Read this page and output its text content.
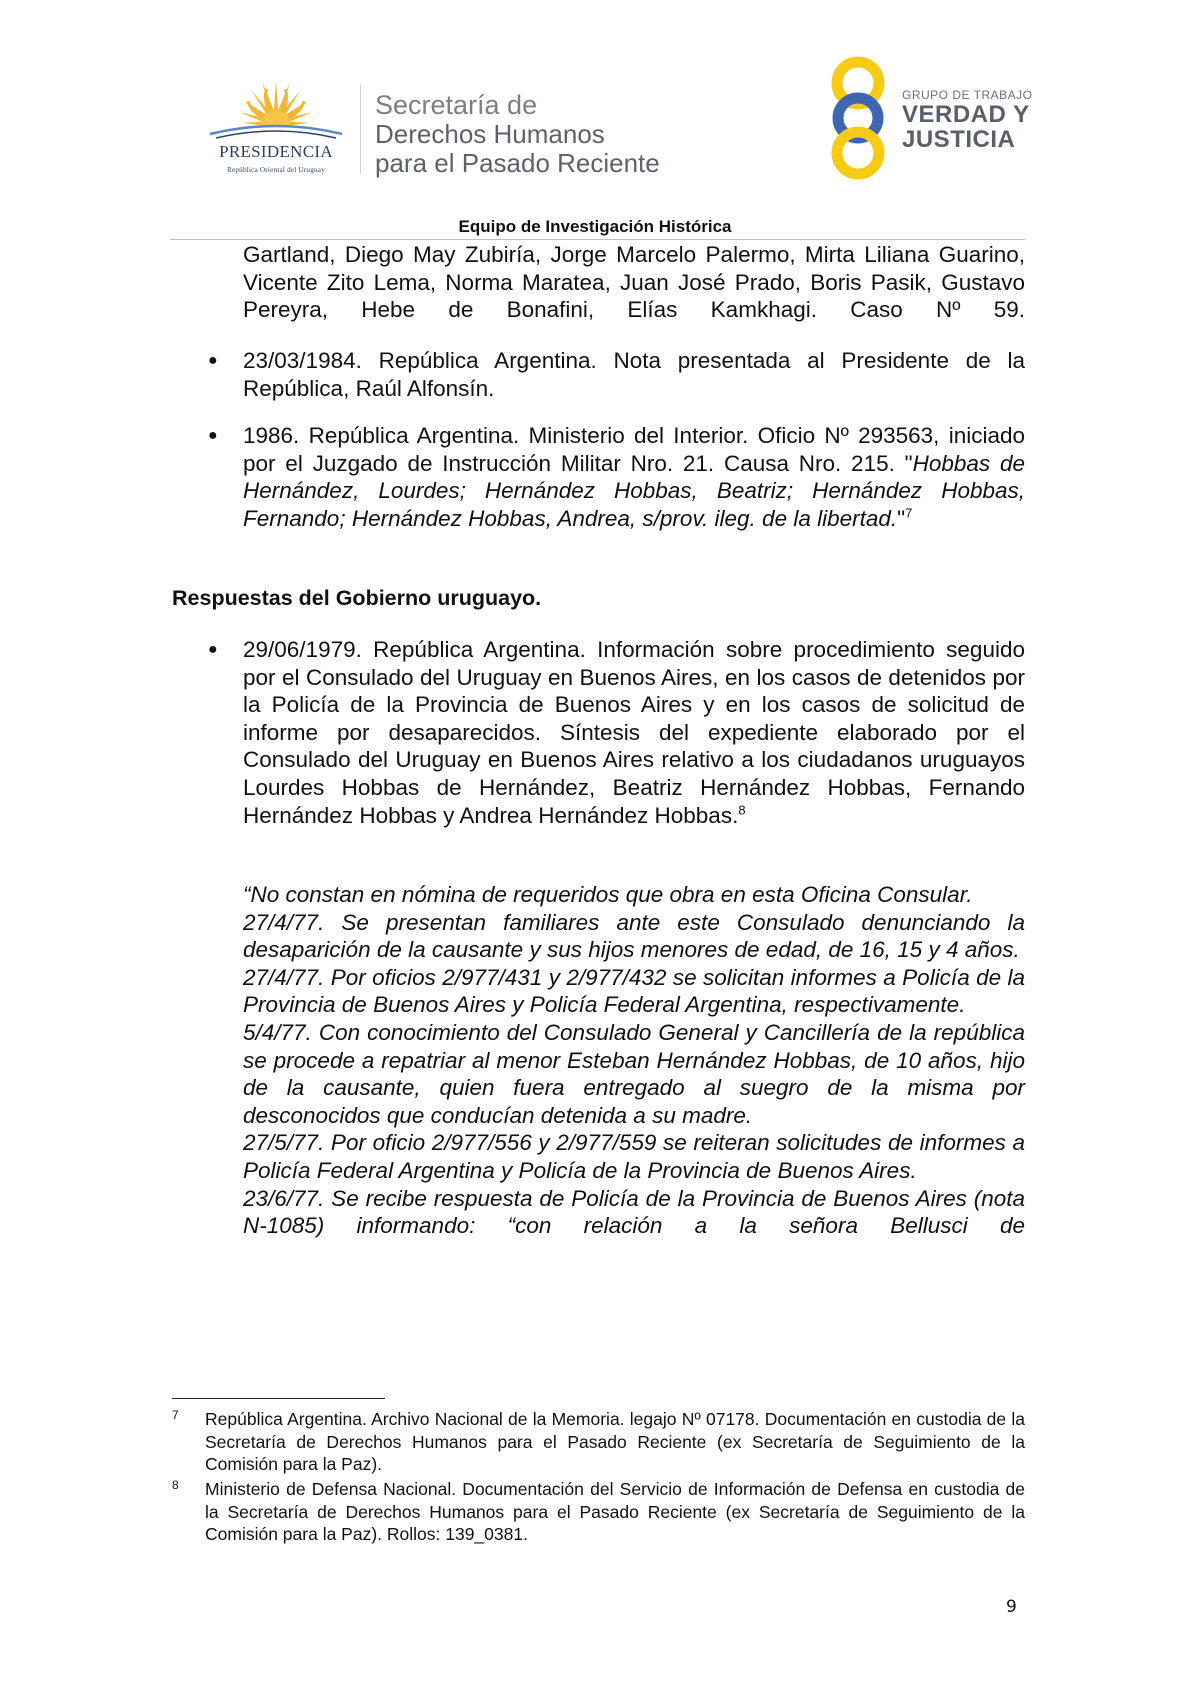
PRESIDENCIA
República Oriental del Uruguay
Secretaría de
Derechos Humanos
para el Pasado Reciente
GRUPO DE TRABAJO
VERDAD Y
JUSTICIA
Equipo de Investigación Histórica
Gartland, Diego May Zubiría, Jorge Marcelo Palermo, Mirta Liliana Guarino, Vicente Zito Lema, Norma Maratea, Juan José Prado, Boris Pasik, Gustavo Pereyra, Hebe de Bonafini, Elías Kamkhagi. Caso Nº 59.
● 23/03/1984. República Argentina. Nota presentada al Presidente de la República, Raúl Alfonsín.
● 1986. República Argentina. Ministerio del Interior. Oficio Nº 293563, iniciado por el Juzgado de Instrucción Militar Nro. 21. Causa Nro. 215. "Hobbas de Hernández, Lourdes; Hernández Hobbas, Beatriz; Hernández Hobbas, Fernando; Hernández Hobbas, Andrea, s/prov. ileg. de la libertad."$^7$
Respuestas del Gobierno uruguayo.
● 29/06/1979. República Argentina. Información sobre procedimiento seguido por el Consulado del Uruguay en Buenos Aires, en los casos de detenidos por la Policía de la Provincia de Buenos Aires y en los casos de solicitud de informe por desaparecidos. Síntesis del expediente elaborado por el Consulado del Uruguay en Buenos Aires relativo a los ciudadanos uruguayos Lourdes Hobbas de Hernández, Beatriz Hernández Hobbas, Fernando Hernández Hobbas y Andrea Hernández Hobbas.$^8$
“No constan en nómina de requeridos que obra en esta Oficina Consular.
27/4/77. Se presentan familiares ante este Consulado denunciando la desaparición de la causante y sus hijos menores de edad, de 16, 15 y 4 años.
27/4/77. Por oficios 2/977/431 y 2/977/432 se solicitan informes a Policía de la Provincia de Buenos Aires y Policía Federal Argentina, respectivamente.
5/4/77. Con conocimiento del Consulado General y Cancillería de la república se procede a repatriar al menor Esteban Hernández Hobbas, de 10 años, hijo de la causante, quien fuera entregado al suegro de la misma por desconocidos que conducían detenida a su madre.
27/5/77. Por oficio 2/977/556 y 2/977/559 se reiteran solicitudes de informes a Policía Federal Argentina y Policía de la Provincia de Buenos Aires.
23/6/77. Se recibe respuesta de Policía de la Provincia de Buenos Aires (nota N-1085) informando: “con relación a la señora Bellusci de
7 República Argentina. Archivo Nacional de la Memoria. legajo Nº 07178. Documentación en custodia de la Secretaría de Derechos Humanos para el Pasado Reciente (ex Secretaría de Seguimiento de la Comisión para la Paz).
8 Ministerio de Defensa Nacional. Documentación del Servicio de Información de Defensa en custodia de la Secretaría de Derechos Humanos para el Pasado Reciente (ex Secretaría de Seguimiento de la Comisión para la Paz). Rollos: 139_0381.
9
